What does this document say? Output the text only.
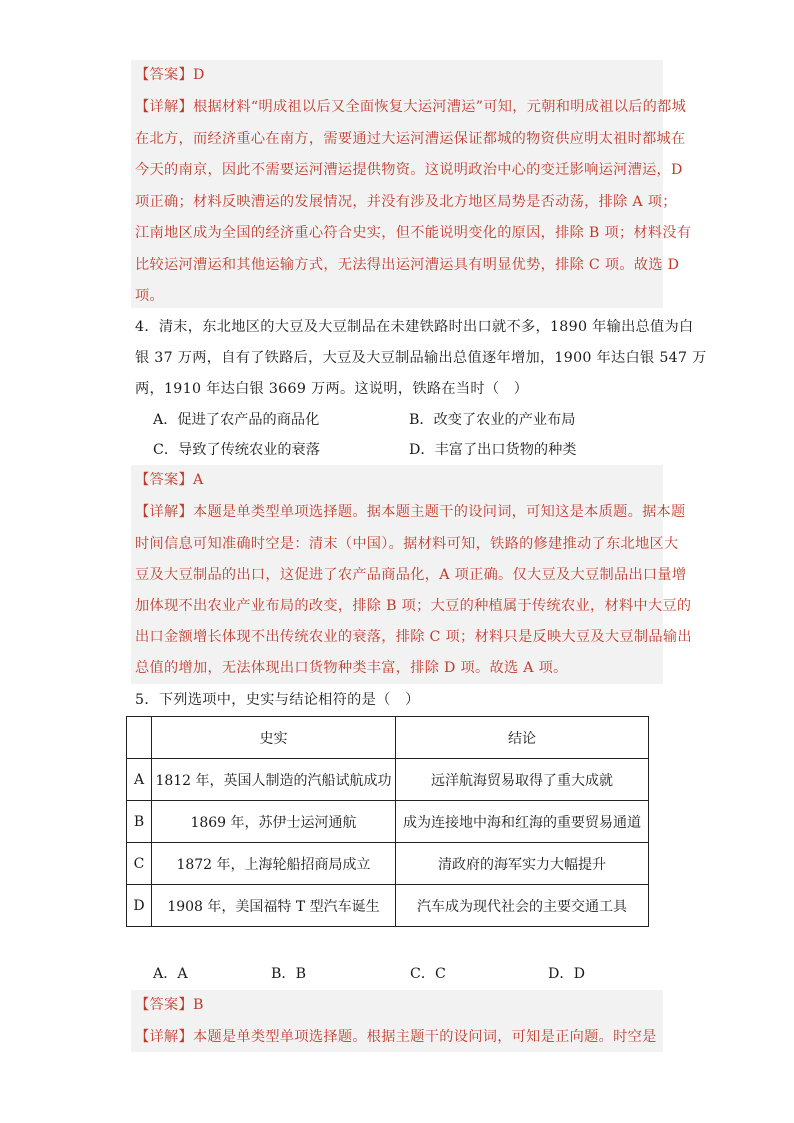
【答案】D
【详解】根据材料“明成祖以后又全面恢复大运河漕运”可知，元朝和明成祖以后的都城
在北方，而经济重心在南方，需要通过大运河漕运保证都城的物资供应明太祖时都城在
今天的南京，因此不需要运河漕运提供物资。这说明政治中心的变迁影响运河漕运，D
项正确；材料反映漕运的发展情况，并没有涉及北方地区局势是否动荡，排除 A 项；
江南地区成为全国的经济重心符合史实，但不能说明变化的原因，排除 B 项；材料没有
比较运河漕运和其他运输方式，无法得出运河漕运具有明显优势，排除 C 项。故选 D
项。
4．清末，东北地区的大豆及大豆制品在未建铁路时出口就不多，1890 年输出总值为白
银 37 万两，自有了铁路后，大豆及大豆制品输出总值逐年增加，1900 年达白银 547 万
两，1910 年达白银 3669 万两。这说明，铁路在当时（　）
A．促进了农产品的商品化	B．改变了农业的产业布局
C．导致了传统农业的衰落	D．丰富了出口货物的种类
【答案】A
【详解】本题是单类型单项选择题。据本题主题干的设问词，可知这是本质题。据本题
时间信息可知准确时空是：清末（中国）。据材料可知，铁路的修建推动了东北地区大
豆及大豆制品的出口，这促进了农产品商品化，A 项正确。仅大豆及大豆制品出口量增
加体现不出农业产业布局的改变，排除 B 项；大豆的种植属于传统农业，材料中大豆的
出口金额增长体现不出传统农业的衰落，排除 C 项；材料只是反映大豆及大豆制品输出
总值的增加，无法体现出口货物种类丰富，排除 D 项。故选 A 项。
5．下列选项中，史实与结论相符的是（　）
	史实	结论
A	1812 年，英国人制造的汽船试航成功	远洋航海贸易取得了重大成就
B	1869 年，苏伊士运河通航	成为连接地中海和红海的重要贸易通道
C	1872 年，上海轮船招商局成立	清政府的海军实力大幅提升
D	1908 年，美国福特 T 型汽车诞生	汽车成为现代社会的主要交通工具
A．A	B．B	C．C	D．D
【答案】B
【详解】本题是单类型单项选择题。根据主题干的设问词，可知是正向题。时空是
